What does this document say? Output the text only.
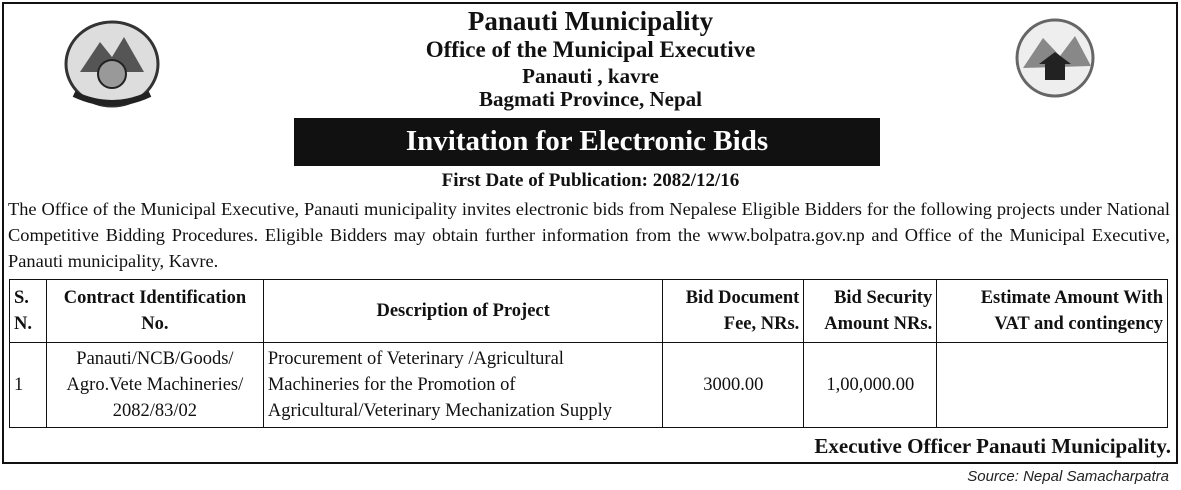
Panauti Municipality
Office of the Municipal Executive
Panauti , kavre
Bagmati Province, Nepal
Invitation for Electronic Bids
First Date of Publication: 2082/12/16
The Office of the Municipal Executive, Panauti municipality invites electronic bids from Nepalese Eligible Bidders for the following projects under National Competitive Bidding Procedures. Eligible Bidders may obtain further information from the www.bolpatra.gov.np and Office of the Municipal Executive, Panauti municipality, Kavre.
S. N.	Contract Identification No.	Description of Project	Bid Document Fee, NRs.	Bid Security Amount NRs.	Estimate Amount With VAT and contingency
1	Panauti/NCB/Goods/ Agro.Vete Machineries/ 2082/83/02	Procurement of Veterinary /Agricultural Machineries for the Promotion of Agricultural/Veterinary Mechanization Supply	3000.00	1,00,000.00	
Executive Officer Panauti Municipality.
Source: Nepal Samacharpatra
